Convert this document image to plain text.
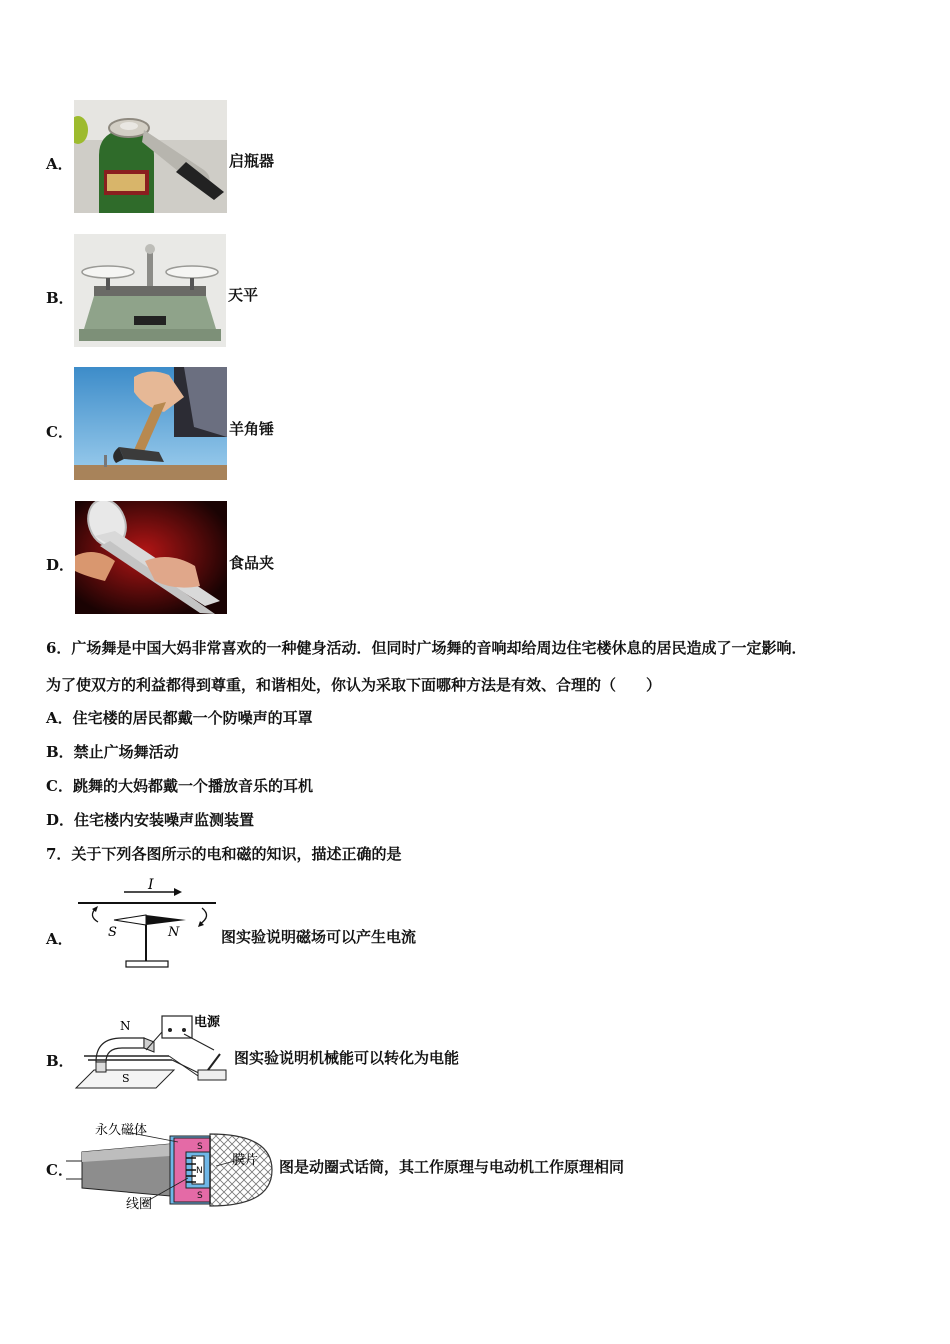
A．	启瓶器
B．	天平
C．	羊角锤
D．	食品夹
6．广场舞是中国大妈非常喜欢的一种健身活动．但同时广场舞的音响却给周边住宅楼休息的居民造成了一定影响．
为了使双方的利益都得到尊重，和谐相处，你认为采取下面哪种方法是有效、合理的（　　）
A．住宅楼的居民都戴一个防噪声的耳罩
B．禁止广场舞活动
C．跳舞的大妈都戴一个播放音乐的耳机
D．住宅楼内安装噪声监测装置
7．关于下列各图所示的电和磁的知识，描述正确的是
A．
I
S	N	图实验说明磁场可以产生电流
B．
N
S
电源
图实验说明机械能可以转化为电能
C．
永久磁体
膜片
线圈
S
N
S
图是动圈式话筒，其工作原理与电动机工作原理相同
